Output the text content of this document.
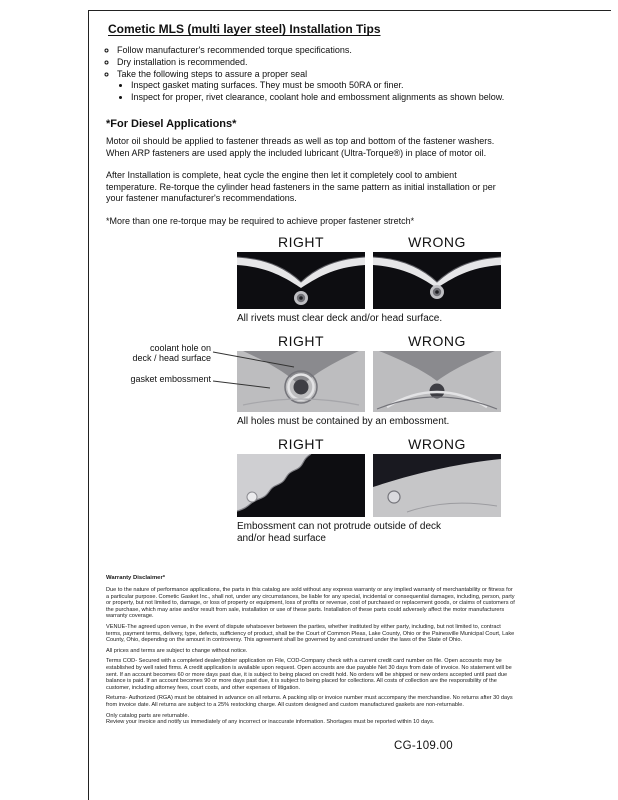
Cometic MLS (multi layer steel) Installation Tips
◦ Follow manufacturer's recommended torque specifications.
◦ Dry installation is recommended.
◦ Take the following steps to assure a proper seal
• Inspect gasket mating surfaces. They must be smooth 50RA or finer.
• Inspect for proper, rivet clearance, coolant hole and embossment alignments as shown below.
*For Diesel Applications*

Motor oil should be applied to fastener threads as well as top and bottom of the fastener washers. When ARP fasteners are used apply the included lubricant (Ultra-Torque®) in place of motor oil.

After Installation is complete, heat cycle the engine then let it completely cool to ambient temperature. Re-torque the cylinder head fasteners in the same pattern as initial installation or per your fastener manufacturer's recommendations.

*More than one re-torque may be required to achieve proper fastener stretch*

RIGHT	WRONG
All rivets must clear deck and/or head surface.
RIGHT	WRONG
All holes must be contained by an embossment.
coolant hole on
deck / head surface
gasket embossment
RIGHT	WRONG
Embossment can not protrude outside of deck
and/or head surface
Warranty Disclaimer*

Due to the nature of performance applications, the parts in this catalog are sold without any express warranty or any implied warranty of merchantability or fitness for a particular purpose. Cometic Gasket Inc., shall not, under any circumstances, be liable for any special, incidental or consequential damages, including, person, party or property, but not limited to, damage, or loss of property or equipment, loss of profits or revenue, cost of purchased or replacement goods, or claims of customers of the purchase, which may arise and/or result from sale, installation or use of these parts. Installation of these parts could adversely affect the motor manufacturers warranty coverage.

VENUE-The agreed upon venue, in the event of dispute whatsoever between the parties, whether instituted by either party, including, but not limited to, contract terms, payment terms, delivery, type, defects, sufficiency of product, shall be the Court of Common Pleas, Lake County, Ohio or the Painesville Municipal Court, Lake County, Ohio, depending on the amount in controversy. This agreement shall be governed by and construed under the laws of the State of Ohio.

All prices and terms are subject to change without notice.

Terms COD- Secured with a completed dealer/jobber application on File, COD-Company check with a current credit card number on file. Open accounts may be established by well rated firms. A credit application is available upon request. Open accounts are due payable Net 30 days from date of invoice. No statement will be sent. If an account becomes 60 or more days past due, it is subject to being placed on credit hold. No orders will be shipped or new orders accepted until past due balance is paid. If an account becomes 90 or more days past due, it is subject to being placed for collections. All costs of collection are the responsibility of the customer, including attorney fees, court costs, and other expenses of litigation.

Returns- Authorized (RGA) must be obtained in advance on all returns. A packing slip or invoice number must accompany the merchandise. No returns after 30 days from invoice date. All returns are subject to a 25% restocking charge. All custom designed and custom manufactured gaskets are non-returnable.

Only catalog parts are returnable.

Review your invoice and notify us immediately of any incorrect or inaccurate information. Shortages must be reported within 10 days.

CG-109.00
